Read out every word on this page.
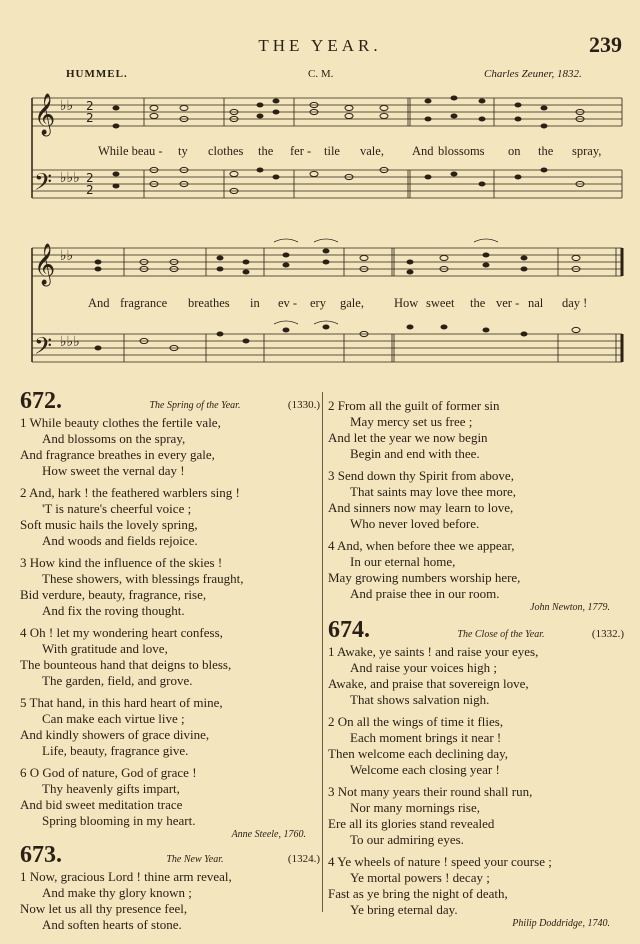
THE YEAR.	239
HUMMEL.	C. M.	Charles Zeuner, 1832.
𝄞
𝄢
♭♭
♭♭♭
2
2
2
2
While beau - ty clothes the fer - tile vale, And blossoms on the spray,
𝄞
𝄢
♭♭
♭♭♭
And fragrance breathes in ev - ery gale, How sweet the ver - nal day !
672.	The Spring of the Year.	(1330.)
1 While beauty clothes the fertile vale,
And blossoms on the spray,
And fragrance breathes in every gale,
How sweet the vernal day !
2 And, hark ! the feathered warblers sing !
'T is nature's cheerful voice ;
Soft music hails the lovely spring,
And woods and fields rejoice.
3 How kind the influence of the skies !
These showers, with blessings fraught,
Bid verdure, beauty, fragrance, rise,
And fix the roving thought.
4 Oh ! let my wondering heart confess,
With gratitude and love,
The bounteous hand that deigns to bless,
The garden, field, and grove.
5 That hand, in this hard heart of mine,
Can make each virtue live ;
And kindly showers of grace divine,
Life, beauty, fragrance give.
6 O God of nature, God of grace !
Thy heavenly gifts impart,
And bid sweet meditation trace
Spring blooming in my heart.
Anne Steele, 1760.
673.	The New Year.	(1324.)
1 Now, gracious Lord ! thine arm reveal,
And make thy glory known ;
Now let us all thy presence feel,
And soften hearts of stone.
2 From all the guilt of former sin
May mercy set us free ;
And let the year we now begin
Begin and end with thee.
3 Send down thy Spirit from above,
That saints may love thee more,
And sinners now may learn to love,
Who never loved before.
4 And, when before thee we appear,
In our eternal home,
May growing numbers worship here,
And praise thee in our room.
John Newton, 1779.
674.	The Close of the Year.	(1332.)
1 Awake, ye saints ! and raise your eyes,
And raise your voices high ;
Awake, and praise that sovereign love,
That shows salvation nigh.
2 On all the wings of time it flies,
Each moment brings it near !
Then welcome each declining day,
Welcome each closing year !
3 Not many years their round shall run,
Nor many mornings rise,
Ere all its glories stand revealed
To our admiring eyes.
4 Ye wheels of nature ! speed your course ;
Ye mortal powers ! decay ;
Fast as ye bring the night of death,
Ye bring eternal day.
Philip Doddridge, 1740.
